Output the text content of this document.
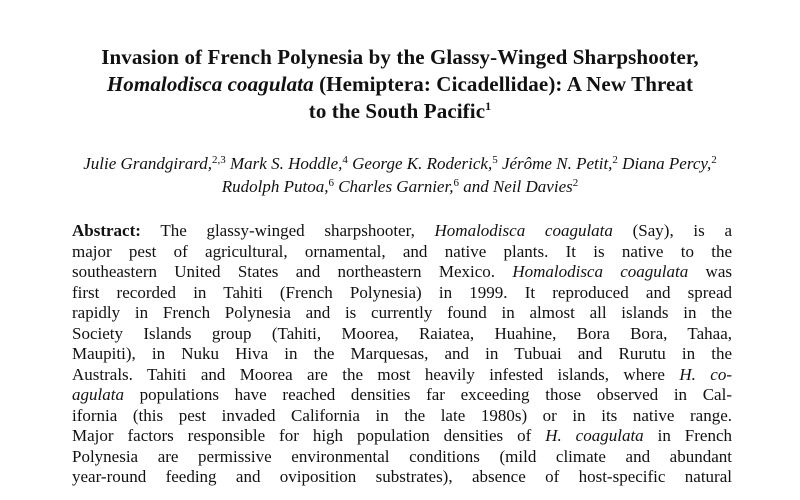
Invasion of French Polynesia by the Glassy-Winged Sharpshooter,
Homalodisca coagulata (Hemiptera: Cicadellidae): A New Threat
to the South Pacific$^1$
Julie Grandgirard,$^{2,3}$ Mark S. Hoddle,$^4$ George K. Roderick,$^5$ Jérôme N. Petit,$^2$ Diana Percy,$^2$
Rudolph Putoa,$^6$ Charles Garnier,$^6$ and Neil Davies$^2$
Abstract: The glassy-winged sharpshooter, Homalodisca coagulata (Say), is a
major pest of agricultural, ornamental, and native plants. It is native to the
southeastern United States and northeastern Mexico. Homalodisca coagulata was
first recorded in Tahiti (French Polynesia) in 1999. It reproduced and spread
rapidly in French Polynesia and is currently found in almost all islands in the
Society Islands group (Tahiti, Moorea, Raiatea, Huahine, Bora Bora, Tahaa,
Maupiti), in Nuku Hiva in the Marquesas, and in Tubuai and Rurutu in the
Australs. Tahiti and Moorea are the most heavily infested islands, where H. co-
agulata populations have reached densities far exceeding those observed in Cal-
ifornia (this pest invaded California in the late 1980s) or in its native range.
Major factors responsible for high population densities of H. coagulata in French
Polynesia are permissive environmental conditions (mild climate and abundant
year-round feeding and oviposition substrates), absence of host-specific natural
